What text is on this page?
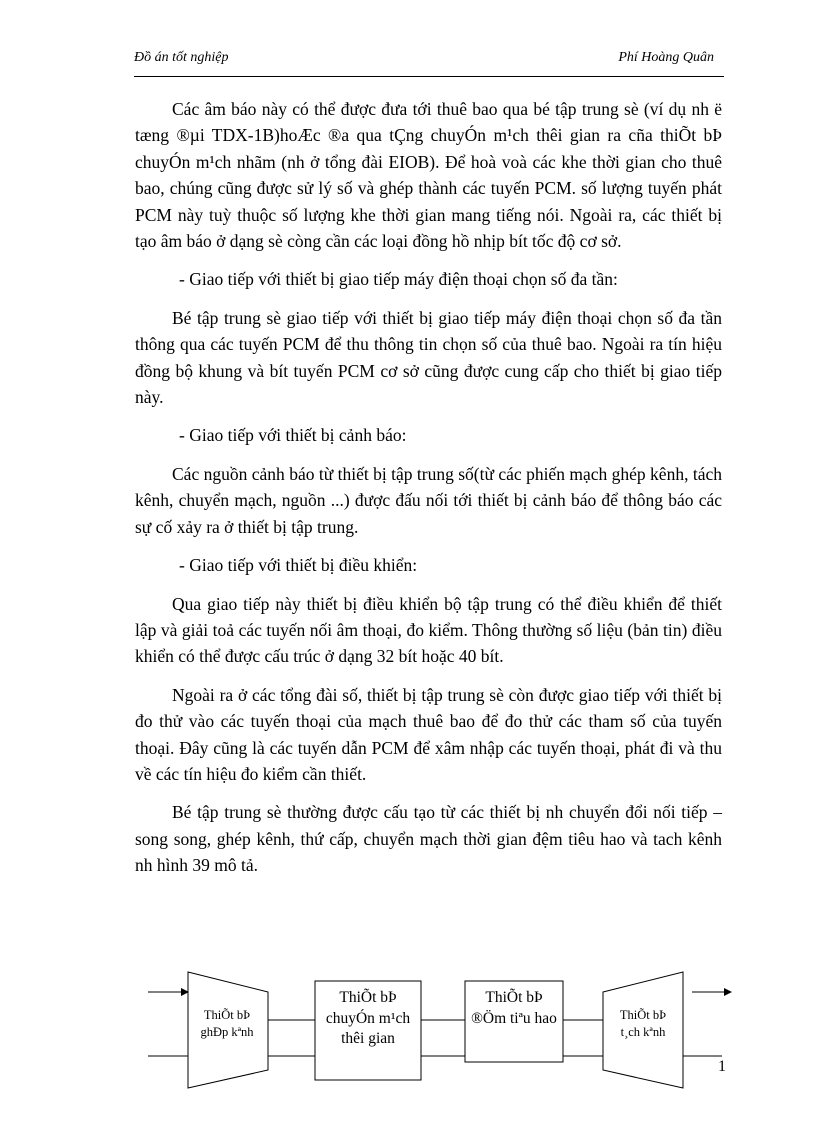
Đồ án tốt nghiệp	Phí Hoàng Quân

Các âm báo này có thể được đưa tới thuê bao qua bé tập trung sè (ví dụ nh ë tæng ®µi TDX-1B)hoÆc ®a qua tÇng chuyÓn m¹ch thêi gian ra cña thiÕt bÞ chuyÓn m¹ch nhãm (nh ở tổng đài EIOB). Để hoà voà các khe thời gian cho thuê bao, chúng cũng được sử lý số và ghép thành các tuyến PCM. số lượng tuyến phát PCM này tuỳ thuộc số lượng khe thời gian mang tiếng nói. Ngoài ra, các thiết bị tạo âm báo ở dạng sè còng cần các loại đồng hồ nhịp bít tốc độ cơ sở.

- Giao tiếp với thiết bị giao tiếp máy điện thoại chọn số đa tần:

Bé tập trung sè giao tiếp với thiết bị giao tiếp máy điện thoại chọn số đa tần thông qua các tuyến PCM để thu thông tin chọn số của thuê bao. Ngoài ra tín hiệu đồng bộ khung và bít tuyến PCM cơ sở cũng được cung cấp cho thiết bị giao tiếp này.

- Giao tiếp với thiết bị cảnh báo:

Các nguồn cảnh báo từ thiết bị tập trung số(từ các phiến mạch ghép kênh, tách kênh, chuyển mạch, nguồn ...) được đấu nối tới thiết bị cảnh báo để thông báo các sự cố xảy ra ở thiết bị tập trung.

- Giao tiếp với thiết bị điều khiển:

Qua giao tiếp này thiết bị điều khiển bộ tập trung có thể điều khiển để thiết lập và giải toả các tuyến nối âm thoại, đo kiểm. Thông thường số liệu (bản tin) điều khiển có thể được cấu trúc ở dạng 32 bít hoặc 40 bít.

Ngoài ra ở các tổng đài số, thiết bị tập trung sè còn được giao tiếp với thiết bị đo thử vào các tuyến thoại của mạch thuê bao để đo thử các tham số của tuyến thoại. Đây cũng là các tuyến dẫn PCM để xâm nhập các tuyến thoại, phát đi và thu về các tín hiệu đo kiểm cần thiết.

Bé tập trung sè thường được cấu tạo từ các thiết bị nh chuyển đổi nối tiếp – song song, ghép kênh, thứ cấp, chuyển mạch thời gian đệm tiêu hao và tach kênh nh hình 39 mô tả.

ThiÕt bÞ ghÐp kªnh
ThiÕt bÞ chuyÓn m¹ch thêi gian
ThiÕt bÞ ®Öm tiªu hao	ThiÕt bÞ t¸ch kªnh
1
